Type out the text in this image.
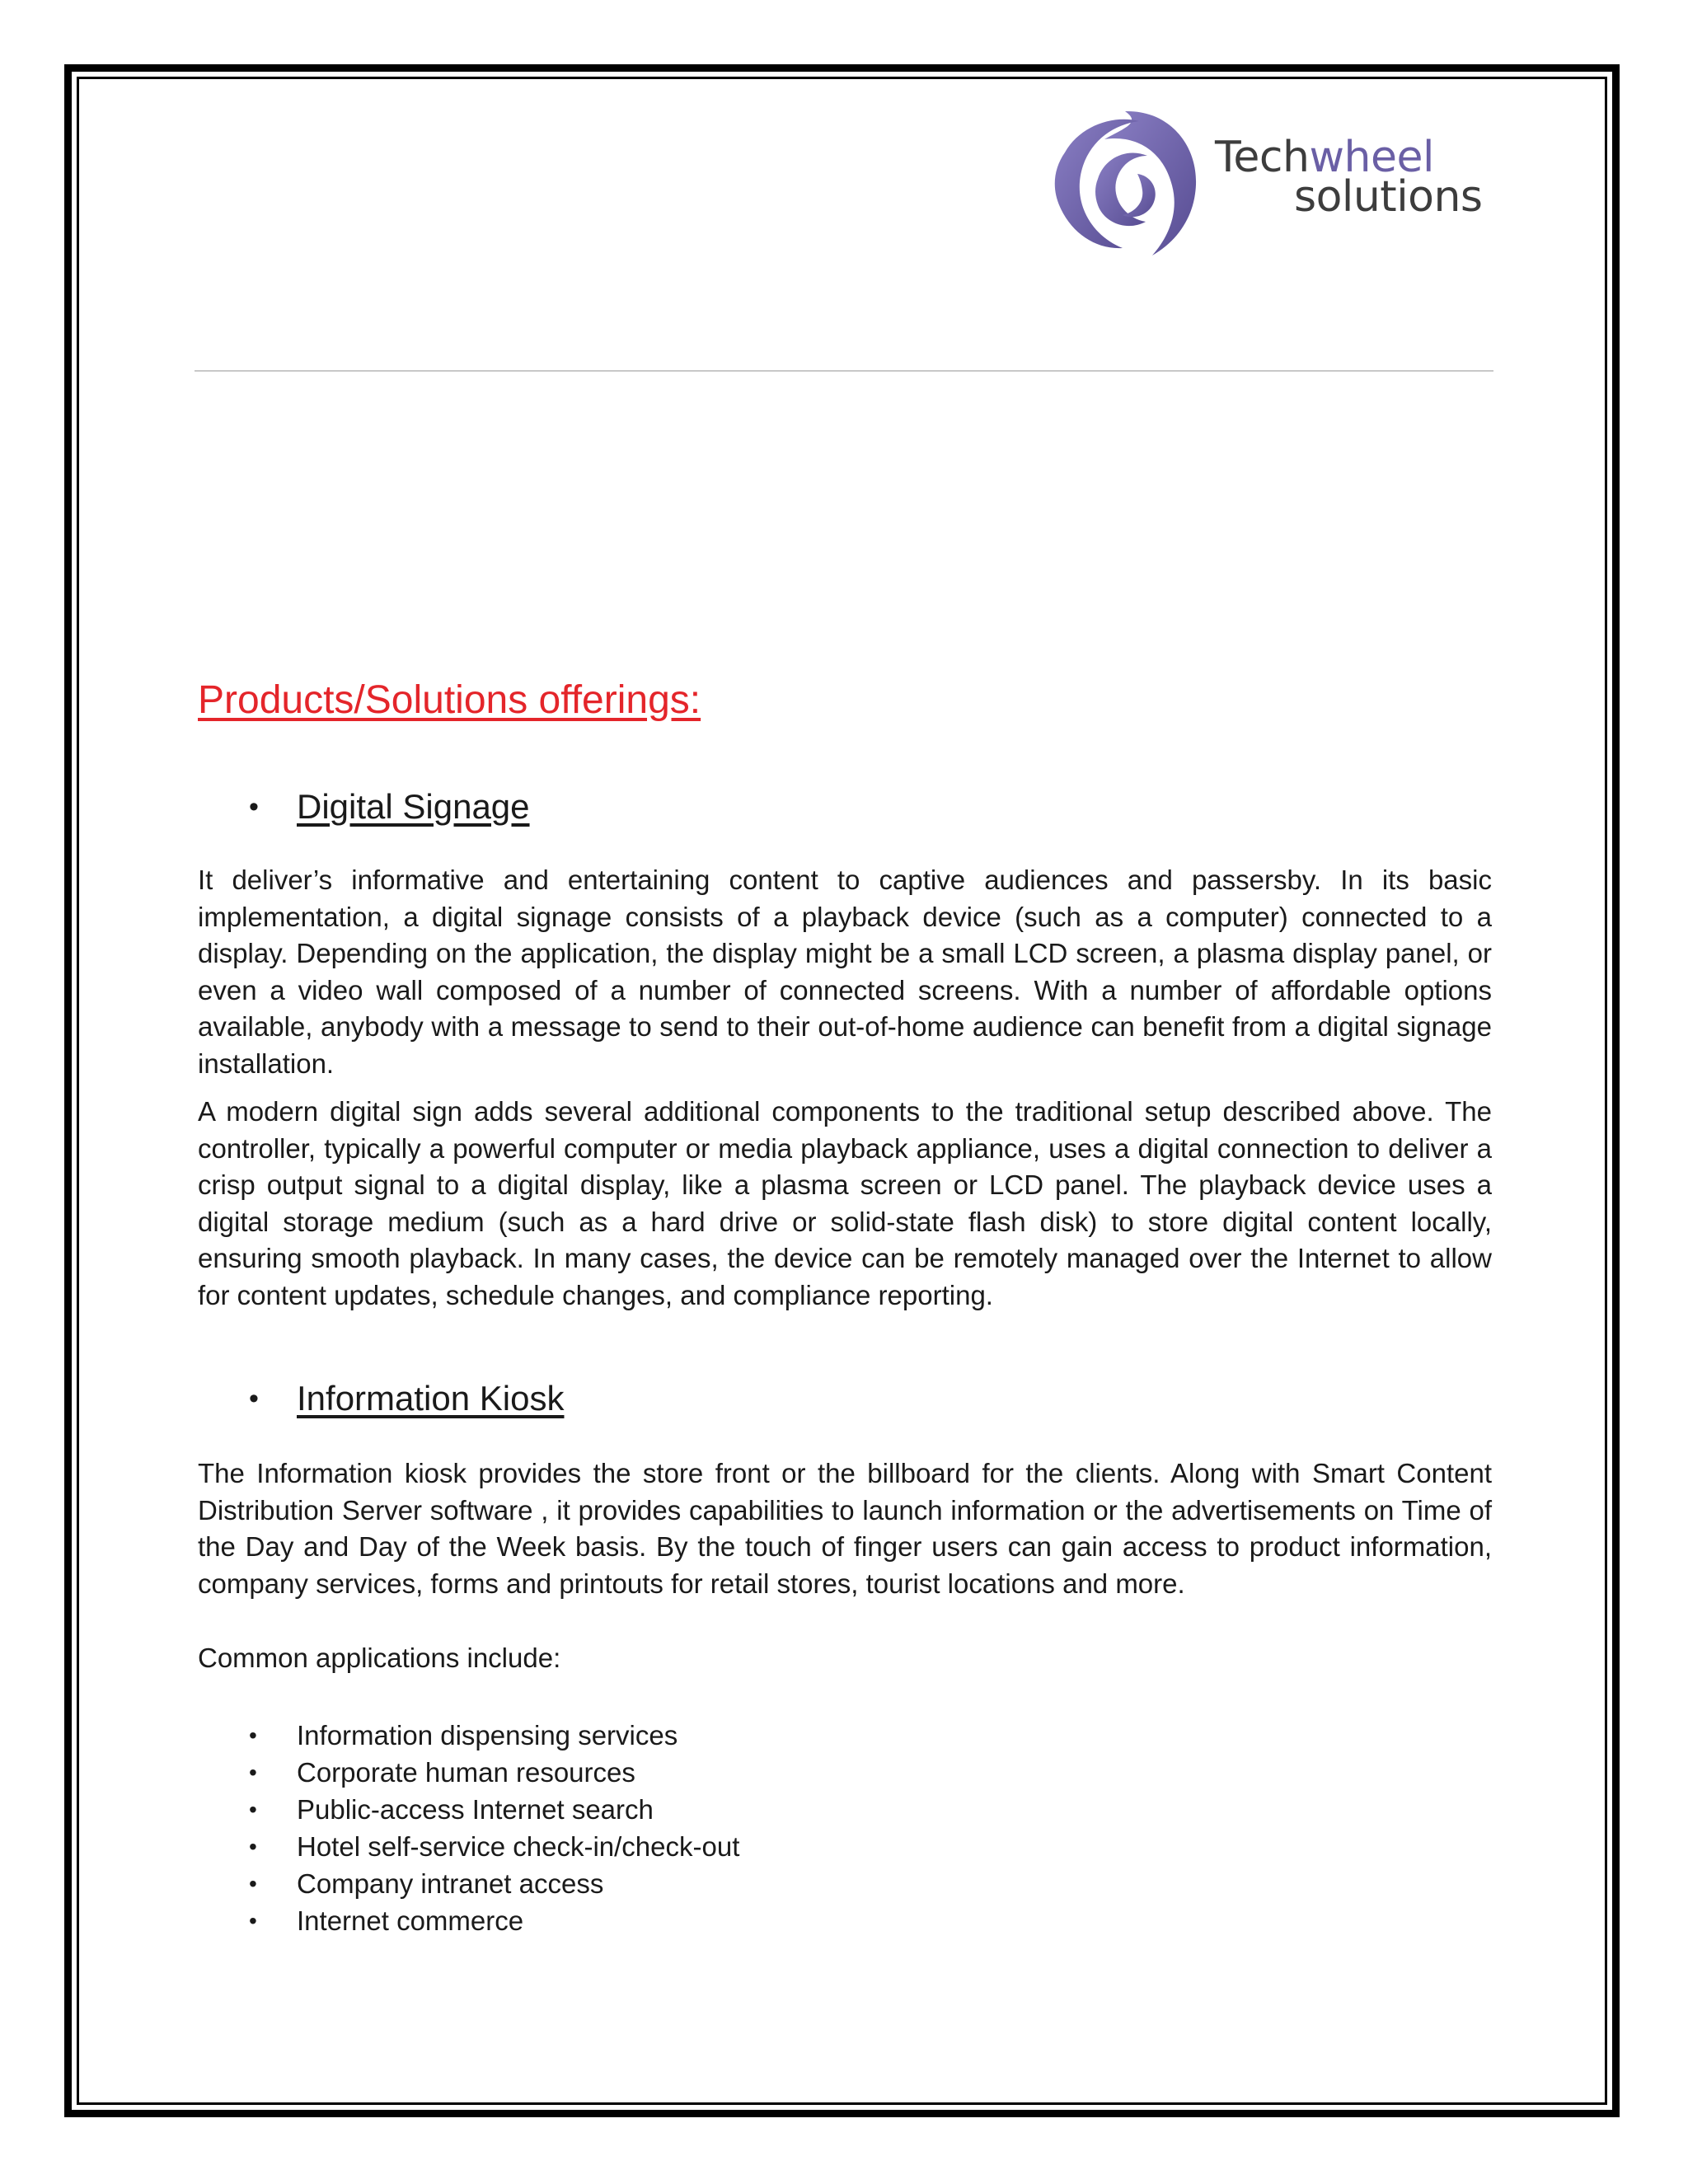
Techwheel
solutions
Products/Solutions offerings:
• Digital Signage

It deliver’s informative and entertaining content to captive audiences and passersby. In its basic implementation, a digital signage consists of a playback device (such as a computer) connected to a display. Depending on the application, the display might be a small LCD screen, a plasma display panel, or even a video wall composed of a number of connected screens. With a number of affordable options available, anybody with a message to send to their out-of-home audience can benefit from a digital signage installation.

A modern digital sign adds several additional components to the traditional setup described above. The controller, typically a powerful computer or media playback appliance, uses a digital connection to deliver a crisp output signal to a digital display, like a plasma screen or LCD panel. The playback device uses a digital storage medium (such as a hard drive or solid-state flash disk) to store digital content locally, ensuring smooth playback. In many cases, the device can be remotely managed over the Internet to allow for content updates, schedule changes, and compliance reporting.

• Information Kiosk

The Information kiosk provides the store front or the billboard for the clients. Along with Smart Content Distribution Server software , it provides capabilities to launch information or the advertisements on Time of the Day and Day of the Week basis. By the touch of finger users can gain access to product information, company services, forms and printouts for retail stores, tourist locations and more.

Common applications include:

• Information dispensing services
• Corporate human resources
• Public-access Internet search
• Hotel self-service check-in/check-out
• Company intranet access
• Internet commerce
